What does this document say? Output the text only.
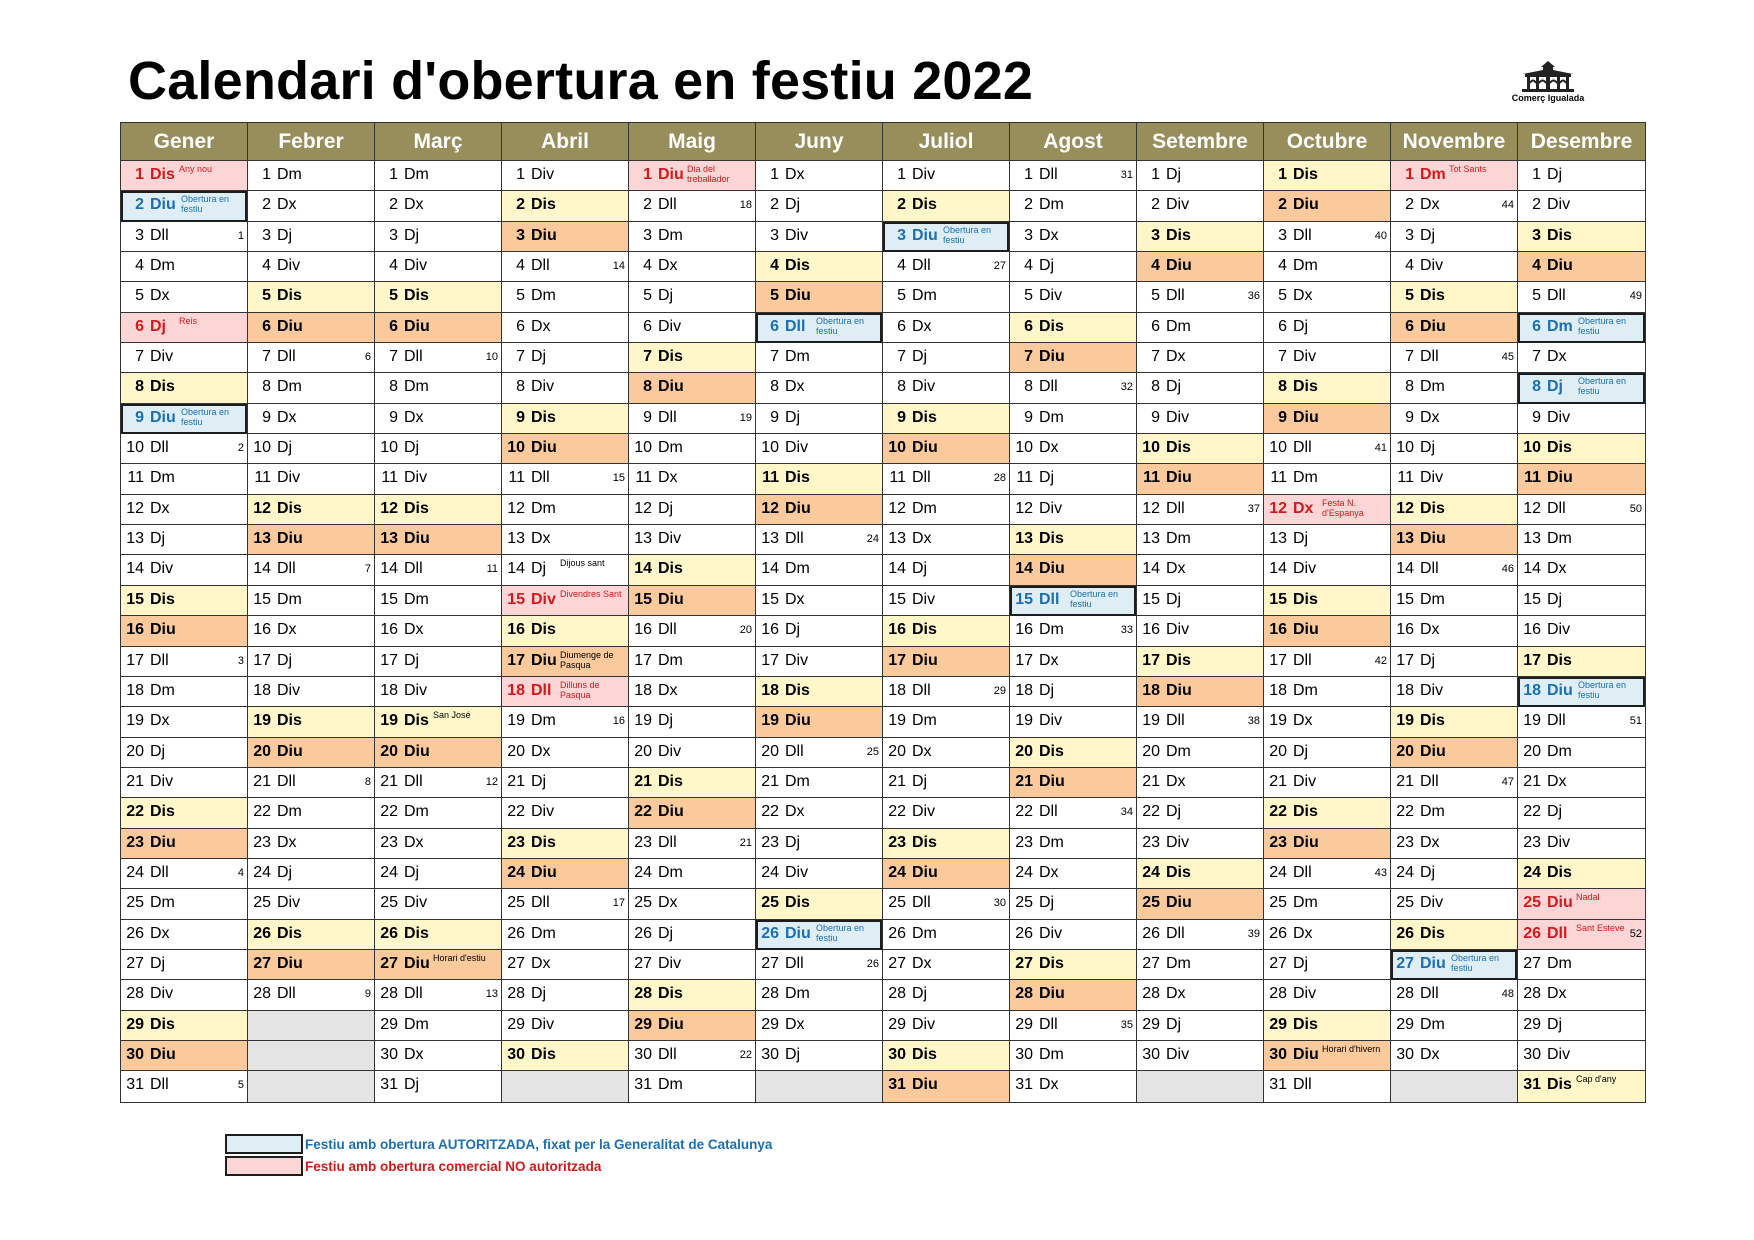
Calendari d'obertura en festiu 2022	Comerç Igualada
Gener
1 Dis Any nou
2 Diu Obertura en festiu
3 Dll	1
4 Dm
5 Dx
6 Dj Reis
7 Div
8 Dis
9 Diu Obertura en festiu
10 Dll	2
11 Dm
12 Dx
13 Dj
14 Div
15 Dis
16 Diu
17 Dll	3
18 Dm
19 Dx
20 Dj
21 Div
22 Dis
23 Diu
24 Dll	4
25 Dm
26 Dx
27 Dj
28 Div
29 Dis
30 Diu
31 Dll	5
Febrer
1 Dm
2 Dx
3 Dj
4 Div
5 Dis
6 Diu
7 Dll	6
8 Dm
9 Dx
10 Dj
11 Div
12 Dis
13 Diu
14 Dll	7
15 Dm
16 Dx
17 Dj
18 Div
19 Dis
20 Diu
21 Dll	8
22 Dm
23 Dx
24 Dj
25 Div
26 Dis
27 Diu
28 Dll	9
Març
1 Dm
2 Dx
3 Dj
4 Div
5 Dis
6 Diu
7 Dll	10
8 Dm
9 Dx
10 Dj
11 Div
12 Dis
13 Diu
14 Dll	11
15 Dm
16 Dx
17 Dj
18 Div
19 Dis San José
20 Diu
21 Dll	12
22 Dm
23 Dx
24 Dj
25 Div
26 Dis
27 Diu Horari d'estiu
28 Dll	13
29 Dm
30 Dx
31 Dj
Abril
1 Div
2 Dis
3 Diu
4 Dll	14
5 Dm
6 Dx
7 Dj
8 Div
9 Dis
10 Diu
11 Dll	15
12 Dm
13 Dx
14 Dj Dijous sant
15 Div Divendres Sant
16 Dis
17 Diu Diumenge de Pasqua
18 Dll Dilluns de Pasqua
19 Dm	16
20 Dx
21 Dj
22 Div
23 Dis
24 Diu
25 Dll	17
26 Dm
27 Dx
28 Dj
29 Div
30 Dis
Maig
1 Diu Dia del treballador
2 Dll	18
3 Dm
4 Dx
5 Dj
6 Div
7 Dis
8 Diu
9 Dll	19
10 Dm
11 Dx
12 Dj
13 Div
14 Dis
15 Diu
16 Dll	20
17 Dm
18 Dx
19 Dj
20 Div
21 Dis
22 Diu
23 Dll	21
24 Dm
25 Dx
26 Dj
27 Div
28 Dis
29 Diu
30 Dll	22
31 Dm
Juny
1 Dx
2 Dj
3 Div
4 Dis
5 Diu
6 Dll Obertura en festiu
7 Dm
8 Dx
9 Dj
10 Div
11 Dis
12 Diu
13 Dll	24
14 Dm
15 Dx
16 Dj
17 Div
18 Dis
19 Diu
20 Dll	25
21 Dm
22 Dx
23 Dj
24 Div
25 Dis
26 Diu Obertura en festiu
27 Dll	26
28 Dm
29 Dx
30 Dj
Juliol
1 Div
2 Dis
3 Diu Obertura en festiu
4 Dll	27
5 Dm
6 Dx
7 Dj
8 Div
9 Dis
10 Diu
11 Dll	28
12 Dm
13 Dx
14 Dj
15 Div
16 Dis
17 Diu
18 Dll	29
19 Dm
20 Dx
21 Dj
22 Div
23 Dis
24 Diu
25 Dll	30
26 Dm
27 Dx
28 Dj
29 Div
30 Dis
31 Diu
Agost
1 Dll	31
2 Dm
3 Dx
4 Dj
5 Div
6 Dis
7 Diu
8 Dll	32
9 Dm
10 Dx
11 Dj
12 Div
13 Dis
14 Diu
15 Dll Obertura en festiu
16 Dm	33
17 Dx
18 Dj
19 Div
20 Dis
21 Diu
22 Dll	34
23 Dm
24 Dx
25 Dj
26 Div
27 Dis
28 Diu
29 Dll	35
30 Dm
31 Dx
Setembre
1 Dj
2 Div
3 Dis
4 Diu
5 Dll	36
6 Dm
7 Dx
8 Dj
9 Div
10 Dis
11 Diu
12 Dll	37
13 Dm
14 Dx
15 Dj
16 Div
17 Dis
18 Diu
19 Dll	38
20 Dm
21 Dx
22 Dj
23 Div
24 Dis
25 Diu
26 Dll	39
27 Dm
28 Dx
29 Dj
30 Div
Octubre
1 Dis
2 Diu
3 Dll	40
4 Dm
5 Dx
6 Dj
7 Div
8 Dis
9 Diu
10 Dll	41
11 Dm
12 Dx Festa N. d'Espanya
13 Dj
14 Div
15 Dis
16 Diu
17 Dll	42
18 Dm
19 Dx
20 Dj
21 Div
22 Dis
23 Diu
24 Dll	43
25 Dm
26 Dx
27 Dj
28 Div
29 Dis
30 Diu Horari d'hivern
31 Dll
Novembre
1 Dm Tot Sants
2 Dx	44
3 Dj
4 Div
5 Dis
6 Diu
7 Dll	45
8 Dm
9 Dx
10 Dj
11 Div
12 Dis
13 Diu
14 Dll	46
15 Dm
16 Dx
17 Dj
18 Div
19 Dis
20 Diu
21 Dll	47
22 Dm
23 Dx
24 Dj
25 Div
26 Dis
27 Diu Obertura en festiu
28 Dll	48
29 Dm
30 Dx
Desembre
1 Dj
2 Div
3 Dis
4 Diu
5 Dll	49
6 Dm Obertura en festiu
7 Dx
8 Dj Obertura en festiu
9 Div
10 Dis
11 Diu
12 Dll	50
13 Dm
14 Dx
15 Dj
16 Div
17 Dis
18 Diu Obertura en festiu
19 Dll	51
20 Dm
21 Dx
22 Dj
23 Div
24 Dis
25 Diu Nadal
26 Dll	52
Sant Esteve
27 Dm
28 Dx
29 Dj
30 Div
31 Dis Cap d'any
Festiu amb obertura AUTORITZADA, fixat per la Generalitat de Catalunya
Festiu amb obertura comercial NO autoritzada
